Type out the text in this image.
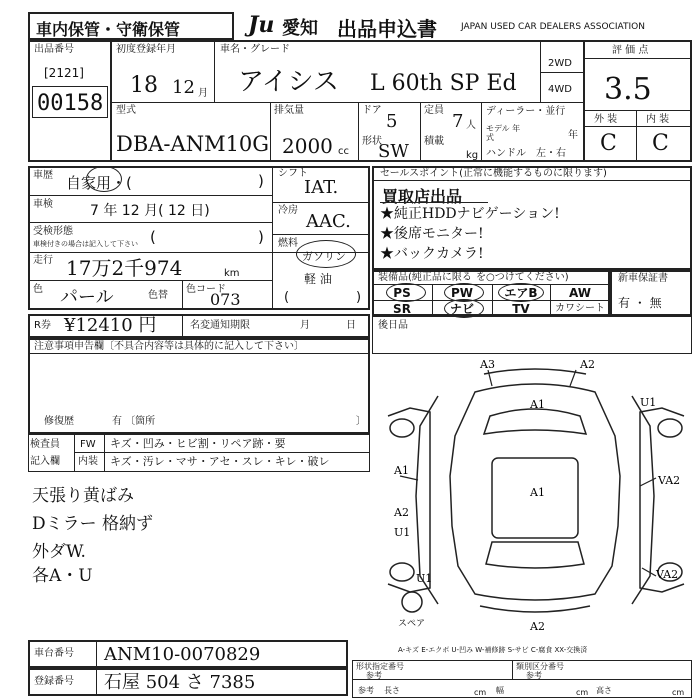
車内保管・守衛保管	Ju 愛知 出品申込書	JAPAN USED CAR DEALERS ASSOCIATION
出品番号
[2121]
00158
初度登録年月
18 12 月
車名・グレード
アイシス L 60th SP Ed
2WD
4WD
評 価 点
3.5
外 装	内 装
C C
型式
DBA-ANM10G
排気量
2000 cc
ドア
5
形状
SW
定員
7 人
積載
kg
ディーラー・並行
モデル 年式	年
ハンドル 左・右
車歴 自家用・(	)
車検	7 年 12 月( 12 日)
受検形態
車検付きの場合は記入して下さい (	)
走行 17万2千974	km
色 パール	色替
色コード
073
シフト
IAT.
冷房
AAC.
燃料
ガソリン
軽 油
(	)
セールスポイント(正常に機能するものに限ります)
買取店出品
★純正HDDナビゲーション!
★後席モニター!
★バックカメラ!
装備品(純正品に限る を○つけてください)
PS	PW	エアB	AW
SR	ナビ	TV	カワシート
新車保証書
有 ・ 無
R券 ¥12410 円	名変通知期限	月	日 後日品
注意事項申告欄〔不具合内容等は具体的に記入して下さい〕
修復歴	有 〔箇所	〕
検査員
記入欄
FW キズ・凹み・ヒビ割・リペア跡・要
内装 キズ・汚レ・マサ・アセ・スレ・キレ・破レ
天張り黄ばみ
Dミラー 格納ず
外ダW.
各A・U
A3	A2
A1	U1
VA2
A1
A2
U1
VA2
A1
U1
A2
スペア
A-キズ E-エクボ U-凹み W-補修跡 S-サビ C-腐食 XX-交換済
車台番号 ANM10-0070829
登録番号 石屋 504 さ 7385
形状指定番号
参考
類別区分番号
参考
参考 長さ	cm 幅	cm 高さ	cm
